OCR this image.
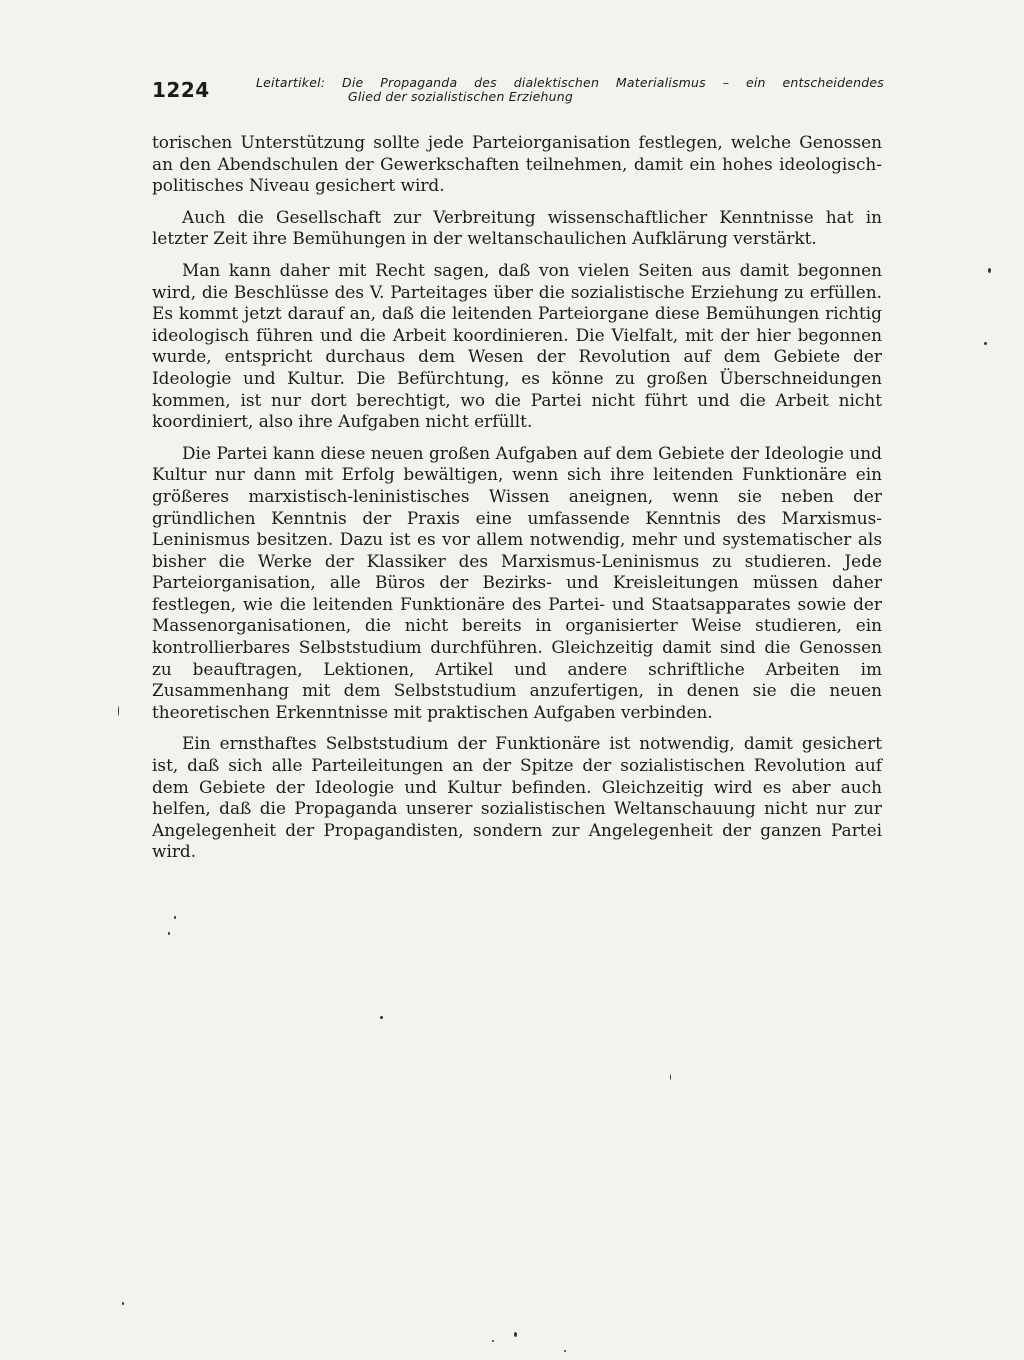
1224	Leitartikel: Die Propaganda des dialektischen Materialismus – ein entscheidendes
Glied der sozialistischen Erziehung

torischen Unterstützung sollte jede Parteiorganisation festlegen, welche Genossen an den Abendschulen der Gewerkschaften teilnehmen, damit ein hohes ideologisch-politisches Niveau gesichert wird.

Auch die Gesellschaft zur Verbreitung wissenschaftlicher Kenntnisse hat in letzter Zeit ihre Bemühungen in der weltanschaulichen Aufklärung verstärkt.

Man kann daher mit Recht sagen, daß von vielen Seiten aus damit begonnen wird, die Beschlüsse des V. Parteitages über die sozialistische Erziehung zu erfüllen. Es kommt jetzt darauf an, daß die leitenden Parteiorgane diese Bemühungen richtig ideologisch führen und die Arbeit koordinieren. Die Vielfalt, mit der hier begonnen wurde, entspricht durchaus dem Wesen der Revolution auf dem Gebiete der Ideologie und Kultur. Die Befürchtung, es könne zu großen Überschneidungen kommen, ist nur dort berechtigt, wo die Partei nicht führt und die Arbeit nicht koordiniert, also ihre Aufgaben nicht erfüllt.

Die Partei kann diese neuen großen Aufgaben auf dem Gebiete der Ideologie und Kultur nur dann mit Erfolg bewältigen, wenn sich ihre leitenden Funktionäre ein größeres marxistisch-leninistisches Wissen aneignen, wenn sie neben der gründlichen Kenntnis der Praxis eine umfassende Kenntnis des Marxismus-Leninismus besitzen. Dazu ist es vor allem notwendig, mehr und systematischer als bisher die Werke der Klassiker des Marxismus-Leninismus zu studieren. Jede Parteiorganisation, alle Büros der Bezirks- und Kreisleitungen müssen daher festlegen, wie die leitenden Funktionäre des Partei- und Staatsapparates sowie der Massenorganisationen, die nicht bereits in organisierter Weise studieren, ein kontrollierbares Selbststudium durchführen. Gleichzeitig damit sind die Genossen zu beauftragen, Lektionen, Artikel und andere schriftliche Arbeiten im Zusammenhang mit dem Selbststudium anzufertigen, in denen sie die neuen theoretischen Erkenntnisse mit praktischen Aufgaben verbinden.

Ein ernsthaftes Selbststudium der Funktionäre ist notwendig, damit gesichert ist, daß sich alle Parteileitungen an der Spitze der sozialistischen Revolution auf dem Gebiete der Ideologie und Kultur befinden. Gleichzeitig wird es aber auch helfen, daß die Propaganda unserer sozialistischen Weltanschauung nicht nur zur Angelegenheit der Propagandisten, sondern zur Angelegenheit der ganzen Partei wird.
